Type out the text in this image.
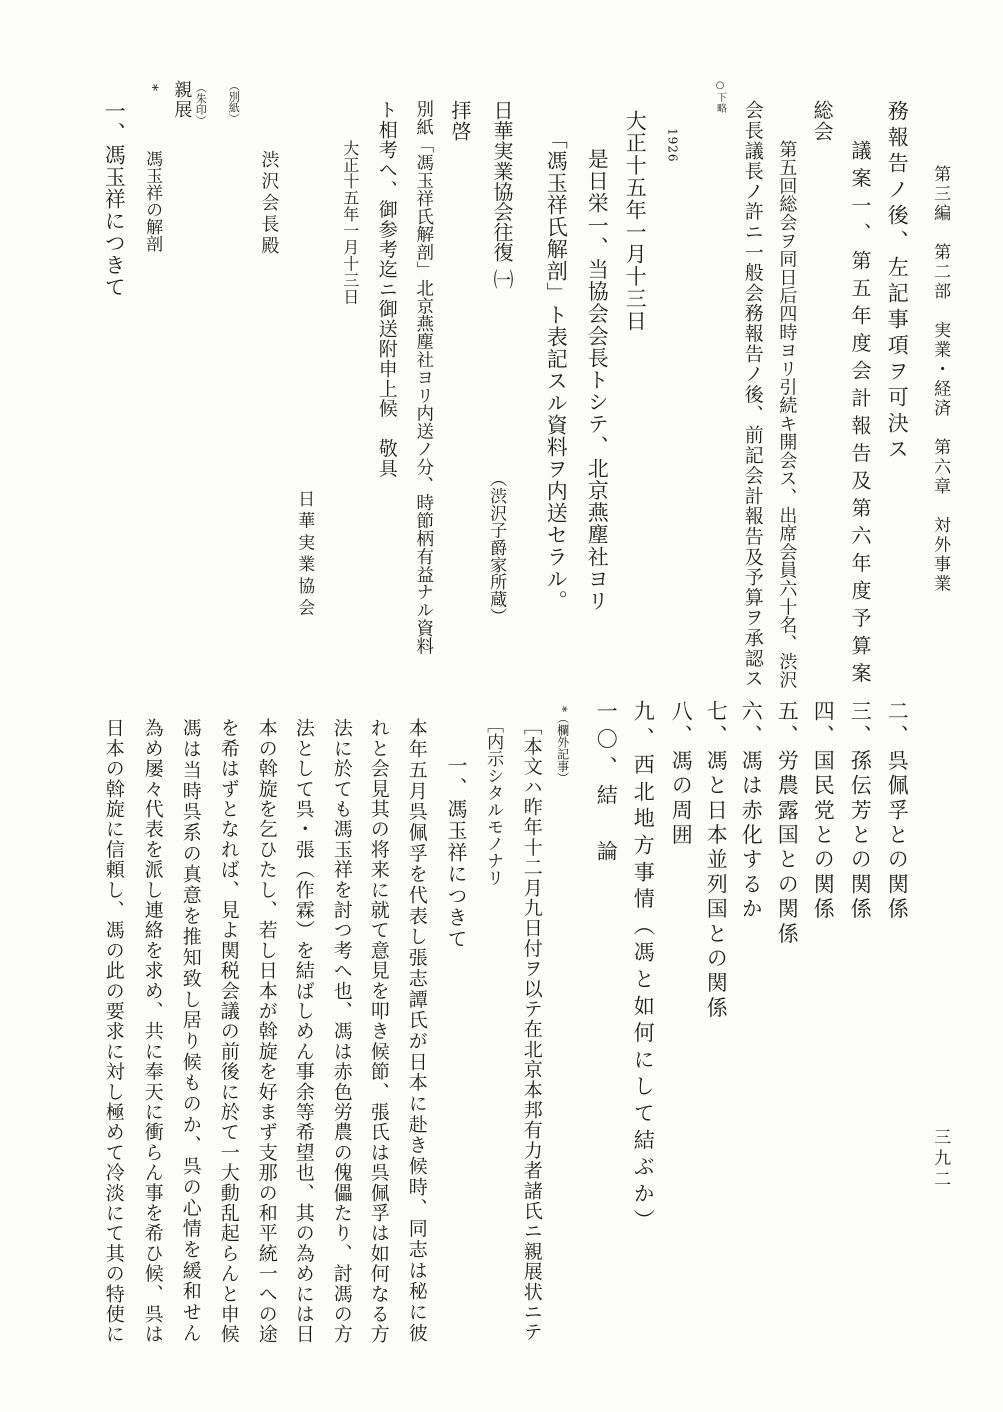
第三編　第二部　実業・経済　第六章　対外事業
三九二
務報告ノ後、左記事項ヲ可決ス
議案一、第五年度会計報告及第六年度予算案
総会
第五回総会ヲ同日后四時ヨリ引続キ開会ス、出席会員六十名、渋沢
会長議長ノ許ニ一般会務報告ノ後、前記会計報告及予算ヲ承認ス
○下略
1926
大正十五年一月十三日
是日栄一、当協会会長トシテ、北京燕塵社ヨリ
「馮玉祥氏解剖」ト表記スル資料ヲ内送セラル。
日華実業協会往復 ㈠
（渋沢子爵家所蔵）
拝啓
別紙「馮玉祥氏解剖」北京燕塵社ヨリ内送ノ分、時節柄有益ナル資料
ト相考へ、御参考迄ニ御送附申上候　敬具
大正十五年一月十三日
日華実業協会
渋沢会長殿
（別紙）
（朱印）
親展
*
馮玉祥の解剖
一、馮玉祥につきて
二、呉佩孚との関係
三、孫伝芳との関係
四、国民党との関係
五、労農露国との関係
六、馮は赤化するか
七、馮と日本並列国との関係
八、馮の周囲
九、西北地方事情（馮と如何にして結ぶか）
一〇、結　論
*（欄外記事）
［本文ハ昨年十二月九日付ヲ以テ在北京本邦有力者諸氏ニ親展状ニテ
［内示シタルモノナリ
一、馮玉祥につきて
本年五月呉佩孚を代表し張志譚氏が日本に赴き候時、同志は秘に彼
れと会見其の将来に就て意見を叩き候節、張氏は呉佩孚は如何なる方
法に於ても馮玉祥を討つ考へ也、馮は赤色労農の傀儡たり、討馮の方
法として呉・張（作霖）を結ばしめん事余等希望也、其の為めには日
本の斡旋を乞ひたし、若し日本が斡旋を好まず支那の和平統一への途
を希はずとなれば、見よ関税会議の前後に於て一大動乱起らんと申候
馮は当時呉系の真意を推知致し居り候ものか、呉の心情を緩和せん
為め屡々代表を派し連絡を求め、共に奉天に衝らん事を希ひ候、呉は
日本の斡旋に信頼し、馮の此の要求に対し極めて冷淡にて其の特使に
